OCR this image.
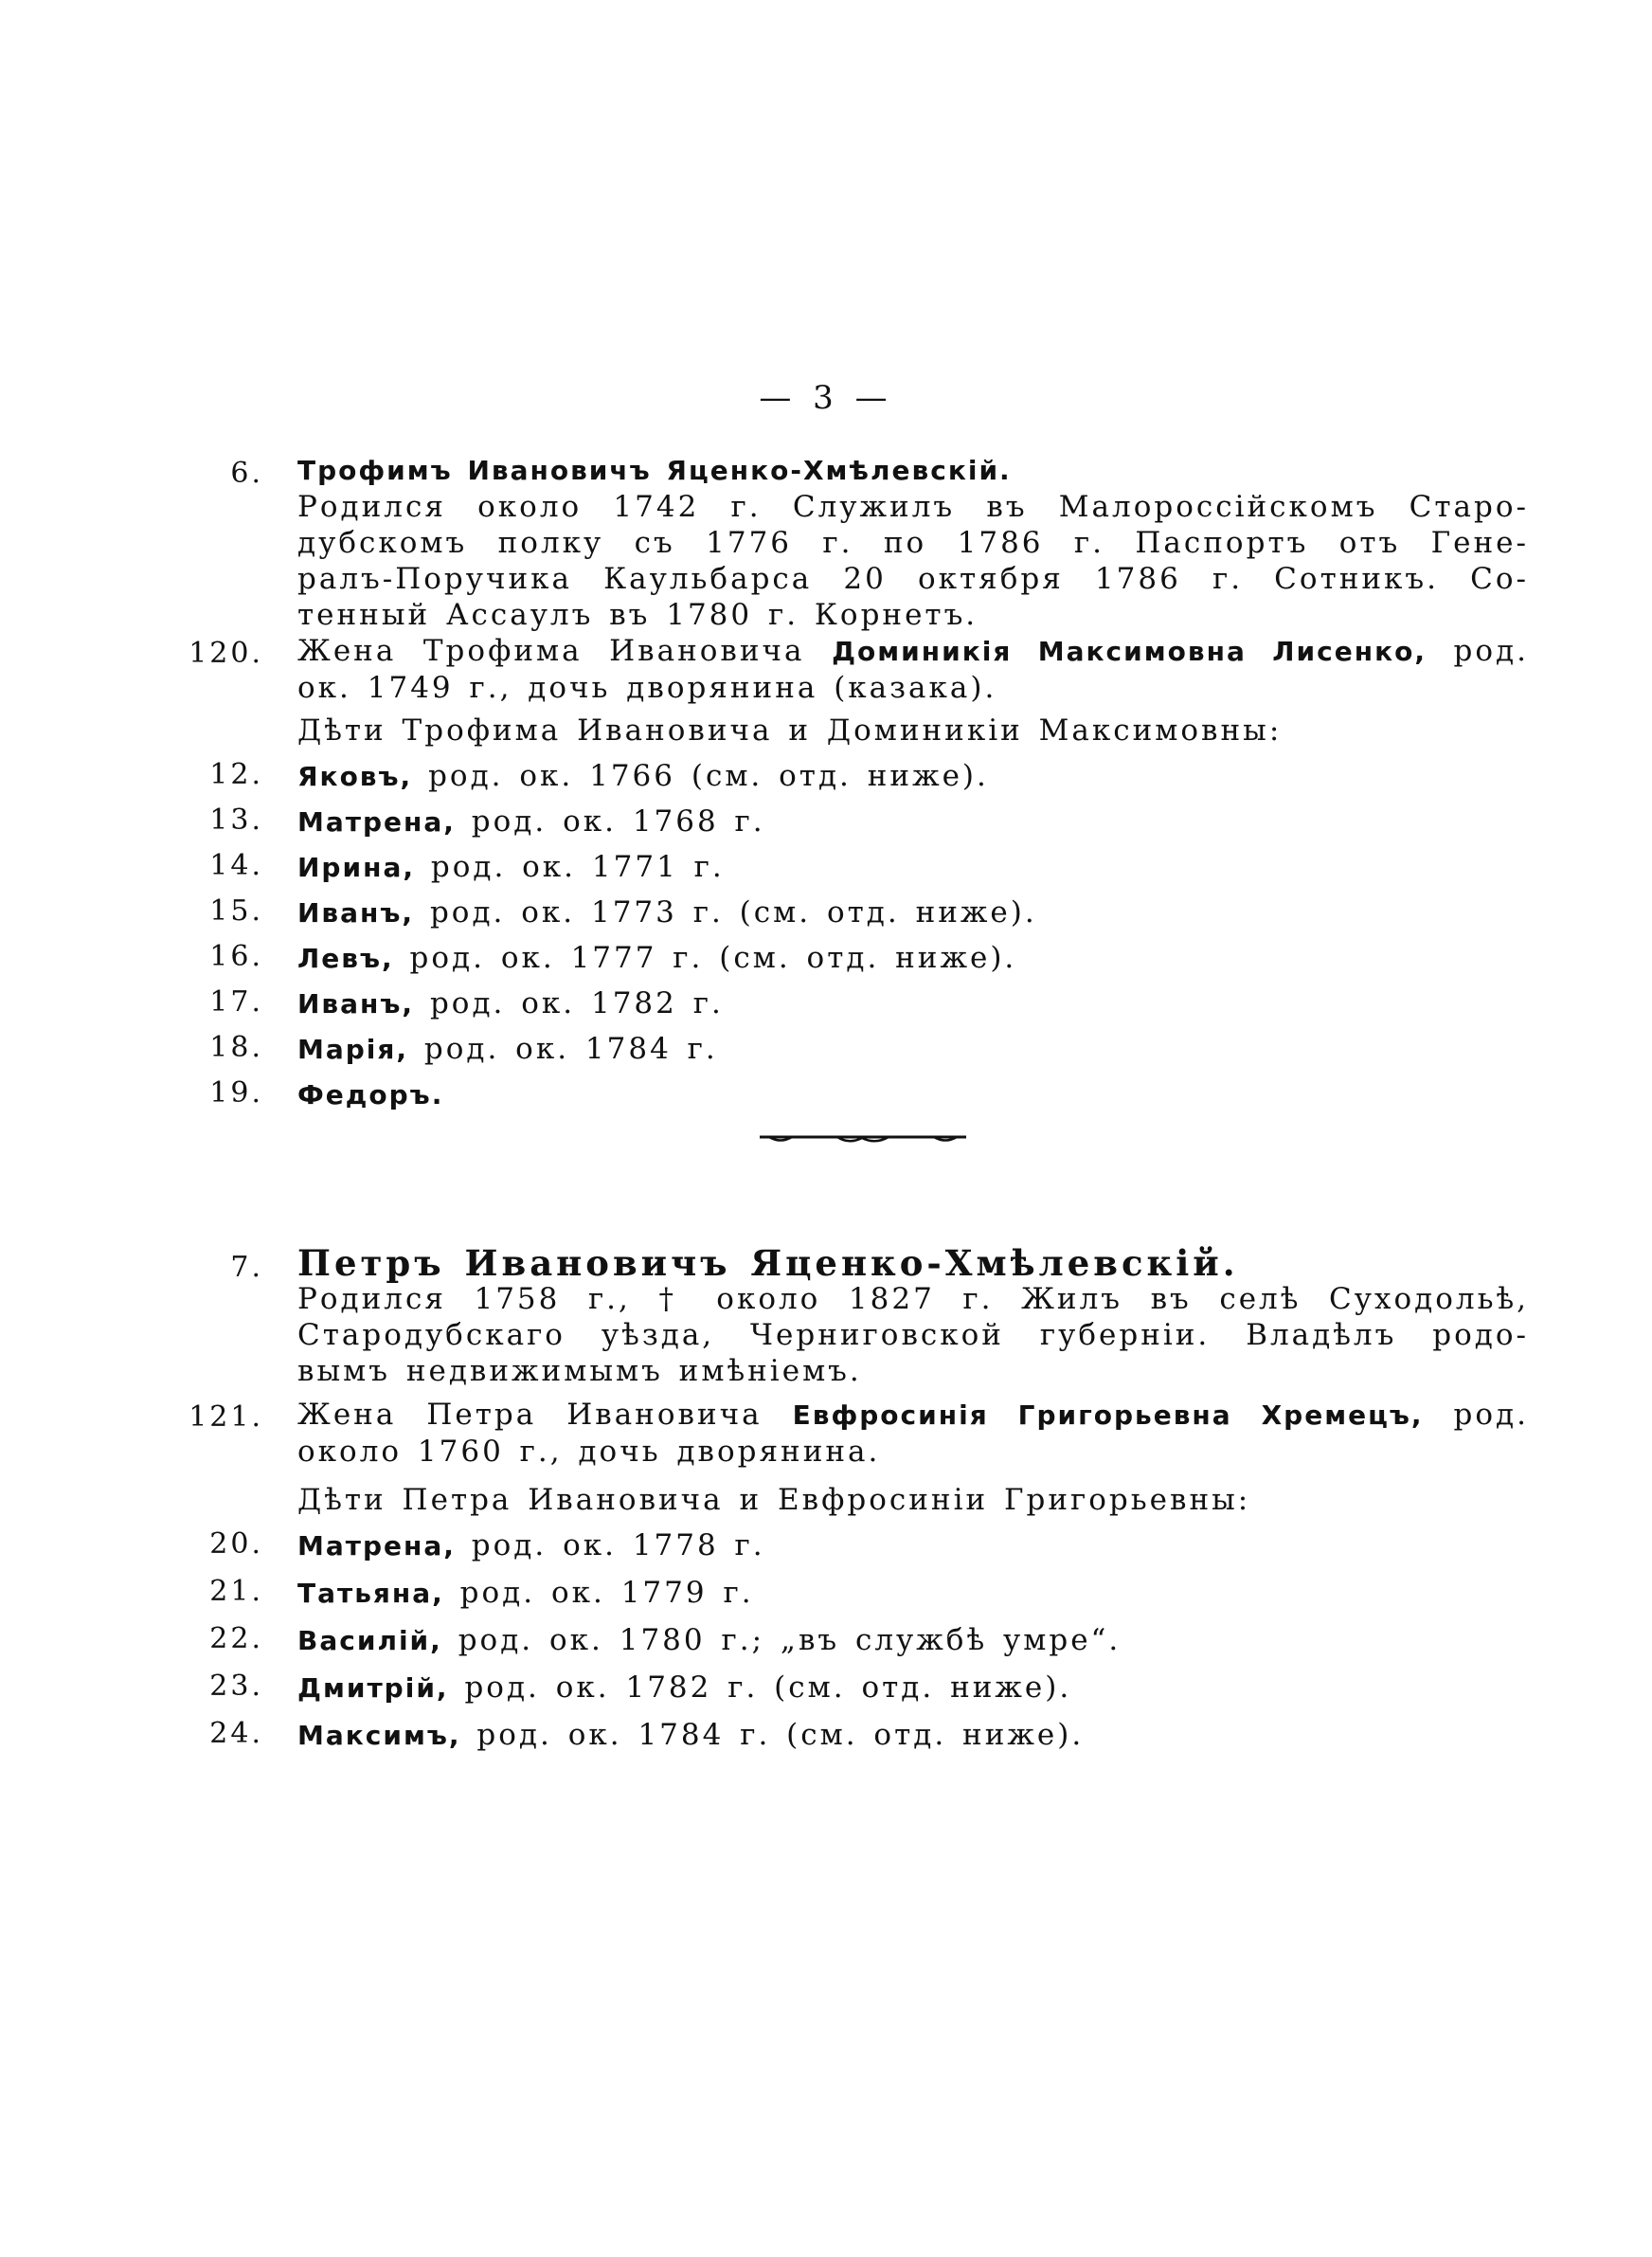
— 3 —
6. Трофимъ Ивановичъ Яценко-Хмѣлевскій.
Родился около 1742 г. Служилъ въ Малороссійскомъ Старо-
дубскомъ полку съ 1776 г. по 1786 г. Паспортъ отъ Гене-
ралъ-Поручика Каульбарса 20 октября 1786 г. Сотникъ. Со-
тенный Ассаулъ въ 1780 г. Корнетъ.
120. Жена Трофима Ивановича Доминикія Максимовна Лисенко, род.
ок. 1749 г., дочь дворянина (казака).
Дѣти Трофима Ивановича и Доминикіи Максимовны:
12. Яковъ, род. ок. 1766 (см. отд. ниже).
13. Матрена, род. ок. 1768 г.
14. Ирина, род. ок. 1771 г.
15. Иванъ, род. ок. 1773 г. (см. отд. ниже).
16. Левъ, род. ок. 1777 г. (см. отд. ниже).
17. Иванъ, род. ок. 1782 г.
18. Марія, род. ок. 1784 г.
19. Федоръ.
7. Петръ Ивановичъ Яценко-Хмѣлевскій.
Родился 1758 г., † около 1827 г. Жилъ въ селѣ Суходольѣ,
Стародубскаго уѣзда, Черниговской губерніи. Владѣлъ родо-
вымъ недвижимымъ имѣніемъ.
121. Жена Петра Ивановича Евфросинія Григорьевна Хремецъ, род.
около 1760 г., дочь дворянина.
Дѣти Петра Ивановича и Евфросиніи Григорьевны:
20. Матрена, род. ок. 1778 г.
21. Татьяна, род. ок. 1779 г.
22. Василій, род. ок. 1780 г.; „въ службѣ умре“.
23. Дмитрій, род. ок. 1782 г. (см. отд. ниже).
24. Максимъ, род. ок. 1784 г. (см. отд. ниже).
